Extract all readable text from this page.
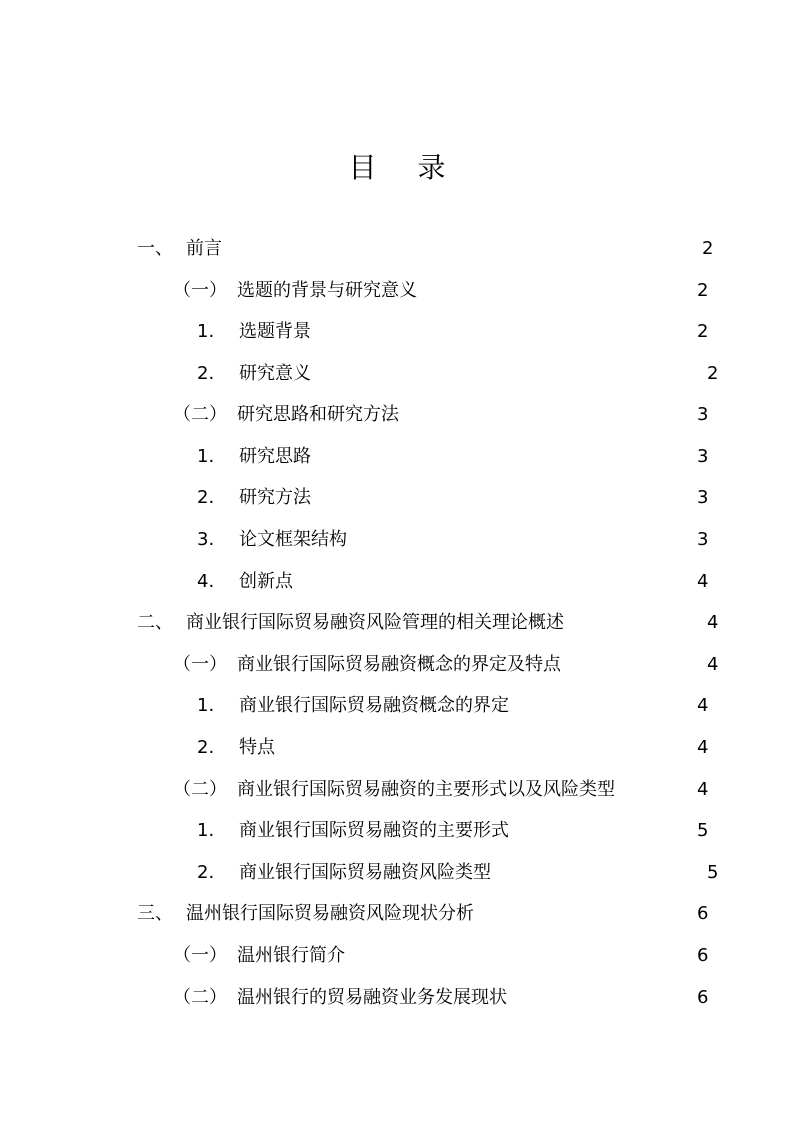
目 录
一、 前言	2
（一） 选题的背景与研究意义	2
1. 选题背景	2
2. 研究意义	2
（二） 研究思路和研究方法	3
1. 研究思路	3
2. 研究方法	3
3. 论文框架结构	3
4. 创新点	4
二、 商业银行国际贸易融资风险管理的相关理论概述	4
（一） 商业银行国际贸易融资概念的界定及特点	4
1. 商业银行国际贸易融资概念的界定	4
2. 特点	4
（二） 商业银行国际贸易融资的主要形式以及风险类型	4
1. 商业银行国际贸易融资的主要形式	5
2. 商业银行国际贸易融资风险类型	5
三、 温州银行国际贸易融资风险现状分析	6
（一） 温州银行简介	6
（二） 温州银行的贸易融资业务发展现状	6
